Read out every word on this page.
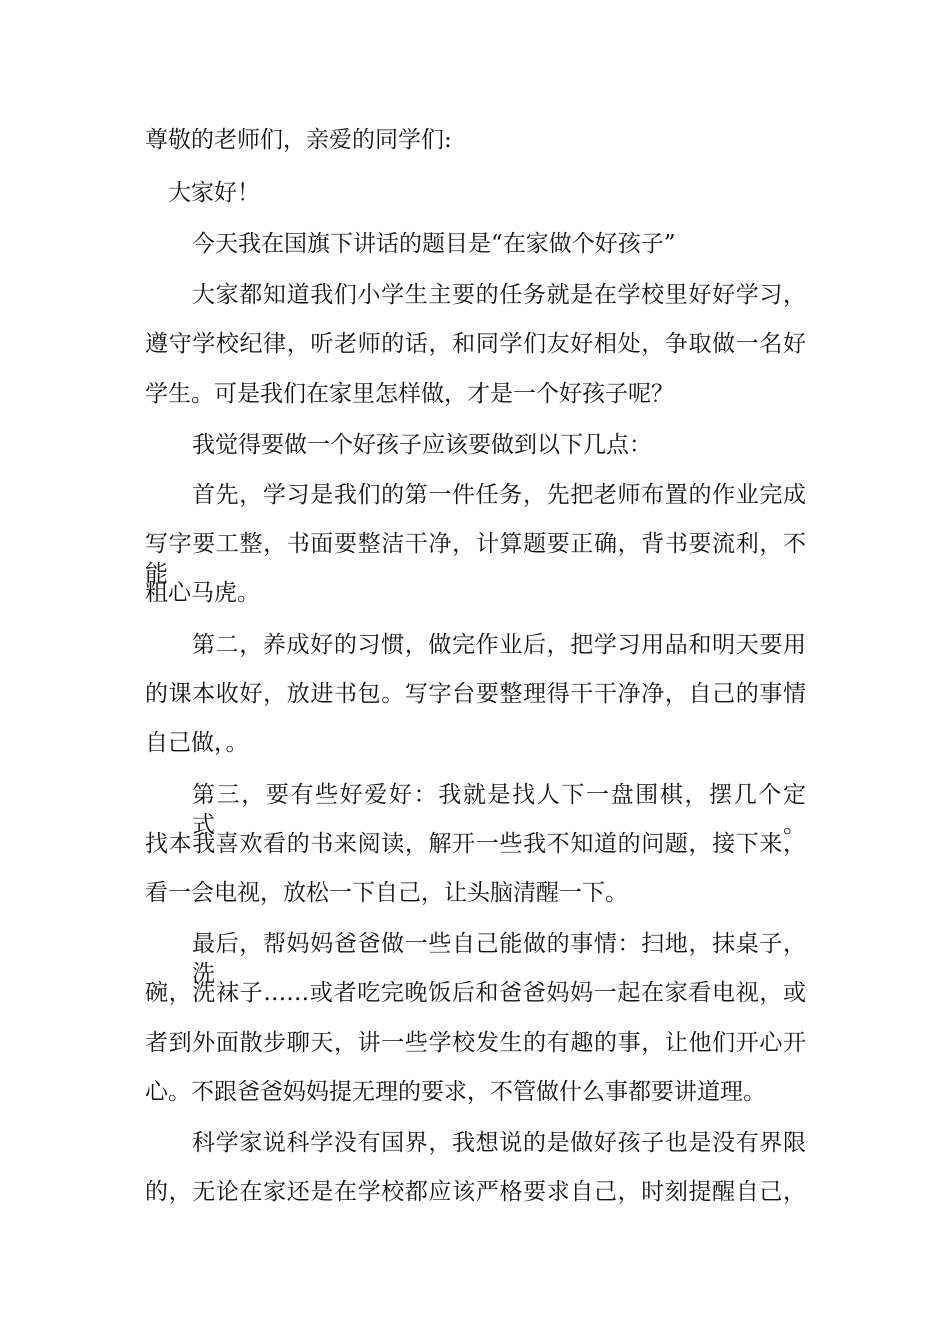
尊敬的老师们，亲爱的同学们:

大家好！

今天我在国旗下讲话的题目是“在家做个好孩子”

大家都知道我们小学生主要的任务就是在学校里好好学习，

遵守学校纪律，听老师的话，和同学们友好相处，争取做一名好

学生。可是我们在家里怎样做，才是一个好孩子呢？

我觉得要做一个好孩子应该要做到以下几点：

首先，学习是我们的第一件任务，先把老师布置的作业完成

写字要工整，书面要整洁干净，计算题要正确，背书要流利，不能

粗心马虎。

第二，养成好的习惯，做完作业后，把学习用品和明天要用

的课本收好，放进书包。写字台要整理得干干净净，自己的事情

自己做，。

第三，要有些好爱好：我就是找人下一盘围棋，摆几个定式。

找本我喜欢看的书来阅读，解开一些我不知道的问题，接下来，

看一会电视，放松一下自己，让头脑清醒一下。

最后，帮妈妈爸爸做一些自己能做的事情：扫地，抹桌子，洗

碗，洗袜子……或者吃完晚饭后和爸爸妈妈一起在家看电视，或

者到外面散步聊天，讲一些学校发生的有趣的事，让他们开心开

心。不跟爸爸妈妈提无理的要求，不管做什么事都要讲道理。

科学家说科学没有国界，我想说的是做好孩子也是没有界限

的，无论在家还是在学校都应该严格要求自己，时刻提醒自己，
